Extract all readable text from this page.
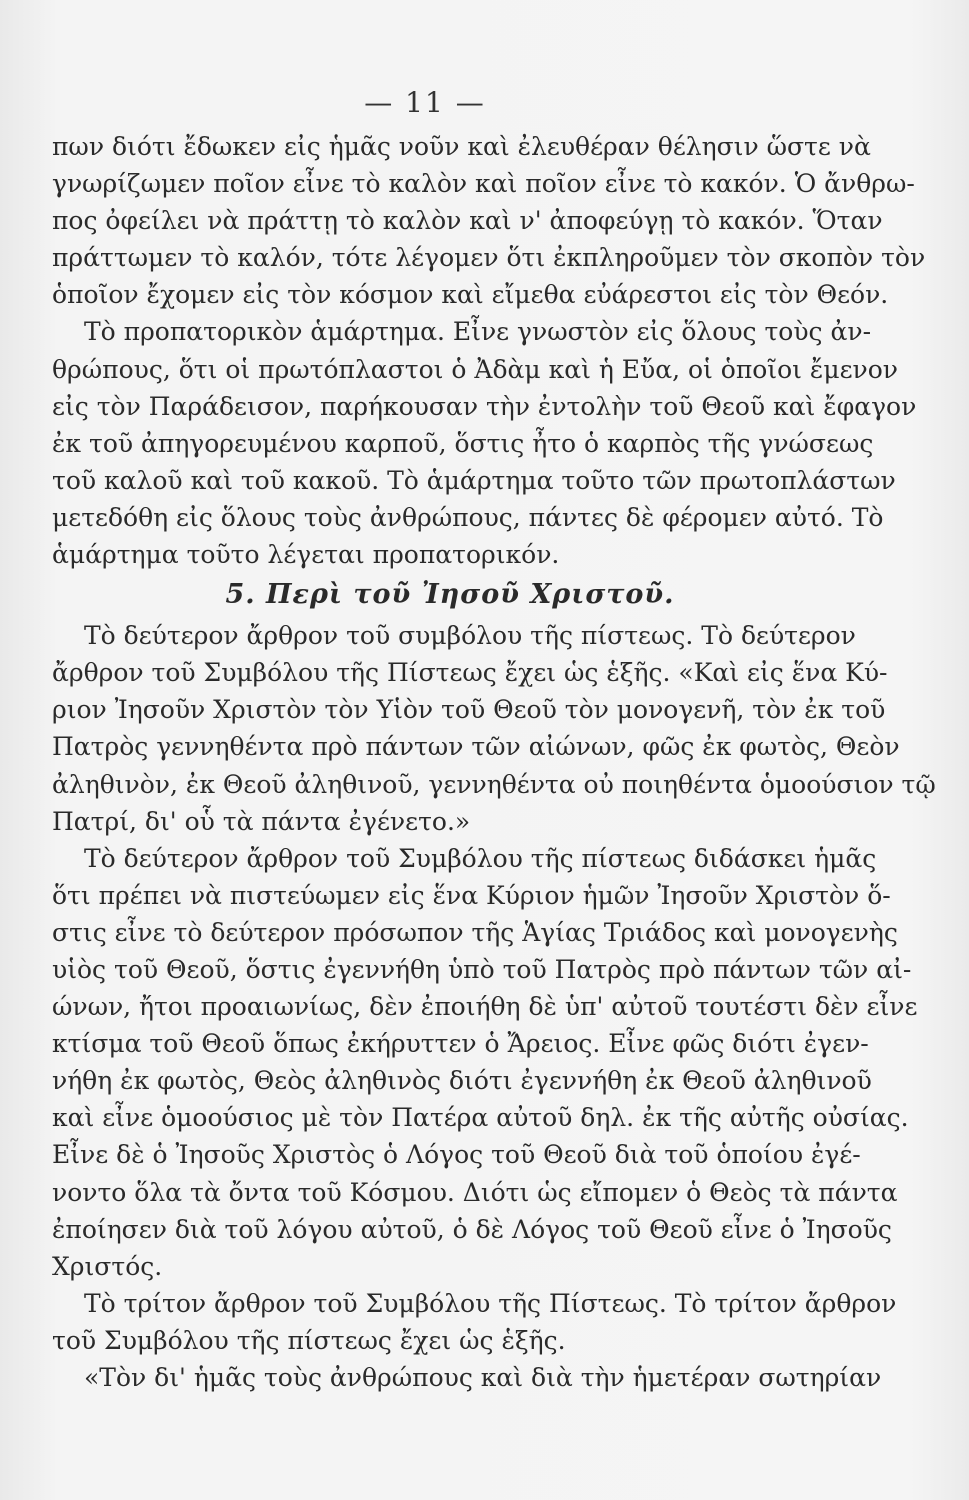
— 11 —
πων διότι ἔδωκεν εἰς ἡμᾶς νοῦν καὶ ἐλευθέραν θέλησιν ὥστε νὰ
γνωρίζωμεν ποῖον εἶνε τὸ καλὸν καὶ ποῖον εἶνε τὸ κακόν. Ὁ ἄνθρω-
πος ὀφείλει νὰ πράττῃ τὸ καλὸν καὶ ν' ἀποφεύγῃ τὸ κακόν. Ὅταν
πράττωμεν τὸ καλόν, τότε λέγομεν ὅτι ἐκπληροῦμεν τὸν σκοπὸν τὸν
ὁποῖον ἔχομεν εἰς τὸν κόσμον καὶ εἴμεθα εὐάρεστοι εἰς τὸν Θεόν.
Τὸ προπατορικὸν ἁμάρτημα. Εἶνε γνωστὸν εἰς ὅλους τοὺς ἀν-
θρώπους, ὅτι οἱ πρωτόπλαστοι ὁ Ἀδὰμ καὶ ἡ Εὔα, οἱ ὁποῖοι ἔμενον
εἰς τὸν Παράδεισον, παρήκουσαν τὴν ἐντολὴν τοῦ Θεοῦ καὶ ἔφαγον
ἐκ τοῦ ἀπηγορευμένου καρποῦ, ὅστις ἦτο ὁ καρπὸς τῆς γνώσεως
τοῦ καλοῦ καὶ τοῦ κακοῦ. Τὸ ἁμάρτημα τοῦτο τῶν πρωτοπλάστων
μετεδόθη εἰς ὅλους τοὺς ἀνθρώπους, πάντες δὲ φέρομεν αὐτό. Τὸ
ἁμάρτημα τοῦτο λέγεται προπατορικόν.
5. Περὶ τοῦ Ἰησοῦ Χριστοῦ.
Τὸ δεύτερον ἄρθρον τοῦ συμβόλου τῆς πίστεως. Τὸ δεύτερον
ἄρθρον τοῦ Συμβόλου τῆς Πίστεως ἔχει ὡς ἑξῆς. «Καὶ εἰς ἕνα Κύ-
ριον Ἰησοῦν Χριστὸν τὸν Υἱὸν τοῦ Θεοῦ τὸν μονογενῆ, τὸν ἐκ τοῦ
Πατρὸς γεννηθέντα πρὸ πάντων τῶν αἰώνων, φῶς ἐκ φωτὸς, Θεὸν
ἀληθινὸν, ἐκ Θεοῦ ἀληθινοῦ, γεννηθέντα οὐ ποιηθέντα ὁμοούσιον τῷ
Πατρί, δι' οὗ τὰ πάντα ἐγένετο.»
Τὸ δεύτερον ἄρθρον τοῦ Συμβόλου τῆς πίστεως διδάσκει ἡμᾶς
ὅτι πρέπει νὰ πιστεύωμεν εἰς ἕνα Κύριον ἡμῶν Ἰησοῦν Χριστὸν ὅ-
στις εἶνε τὸ δεύτερον πρόσωπον τῆς Ἁγίας Τριάδος καὶ μονογενὴς
υἱὸς τοῦ Θεοῦ, ὅστις ἐγεννήθη ὑπὸ τοῦ Πατρὸς πρὸ πάντων τῶν αἰ-
ώνων, ἤτοι προαιωνίως, δὲν ἐποιήθη δὲ ὑπ' αὐτοῦ τουτέστι δὲν εἶνε
κτίσμα τοῦ Θεοῦ ὅπως ἐκήρυττεν ὁ Ἄρειος. Εἶνε φῶς διότι ἐγεν-
νήθη ἐκ φωτὸς, Θεὸς ἀληθινὸς διότι ἐγεννήθη ἐκ Θεοῦ ἀληθινοῦ
καὶ εἶνε ὁμοούσιος μὲ τὸν Πατέρα αὐτοῦ δηλ. ἐκ τῆς αὐτῆς οὐσίας.
Εἶνε δὲ ὁ Ἰησοῦς Χριστὸς ὁ Λόγος τοῦ Θεοῦ διὰ τοῦ ὁποίου ἐγέ-
νοντο ὅλα τὰ ὄντα τοῦ Κόσμου. Διότι ὡς εἴπομεν ὁ Θεὸς τὰ πάντα
ἐποίησεν διὰ τοῦ λόγου αὐτοῦ, ὁ δὲ Λόγος τοῦ Θεοῦ εἶνε ὁ Ἰησοῦς
Χριστός.
Τὸ τρίτον ἄρθρον τοῦ Συμβόλου τῆς Πίστεως. Τὸ τρίτον ἄρθρον
τοῦ Συμβόλου τῆς πίστεως ἔχει ὡς ἑξῆς.
«Τὸν δι' ἡμᾶς τοὺς ἀνθρώπους καὶ διὰ τὴν ἡμετέραν σωτηρίαν
